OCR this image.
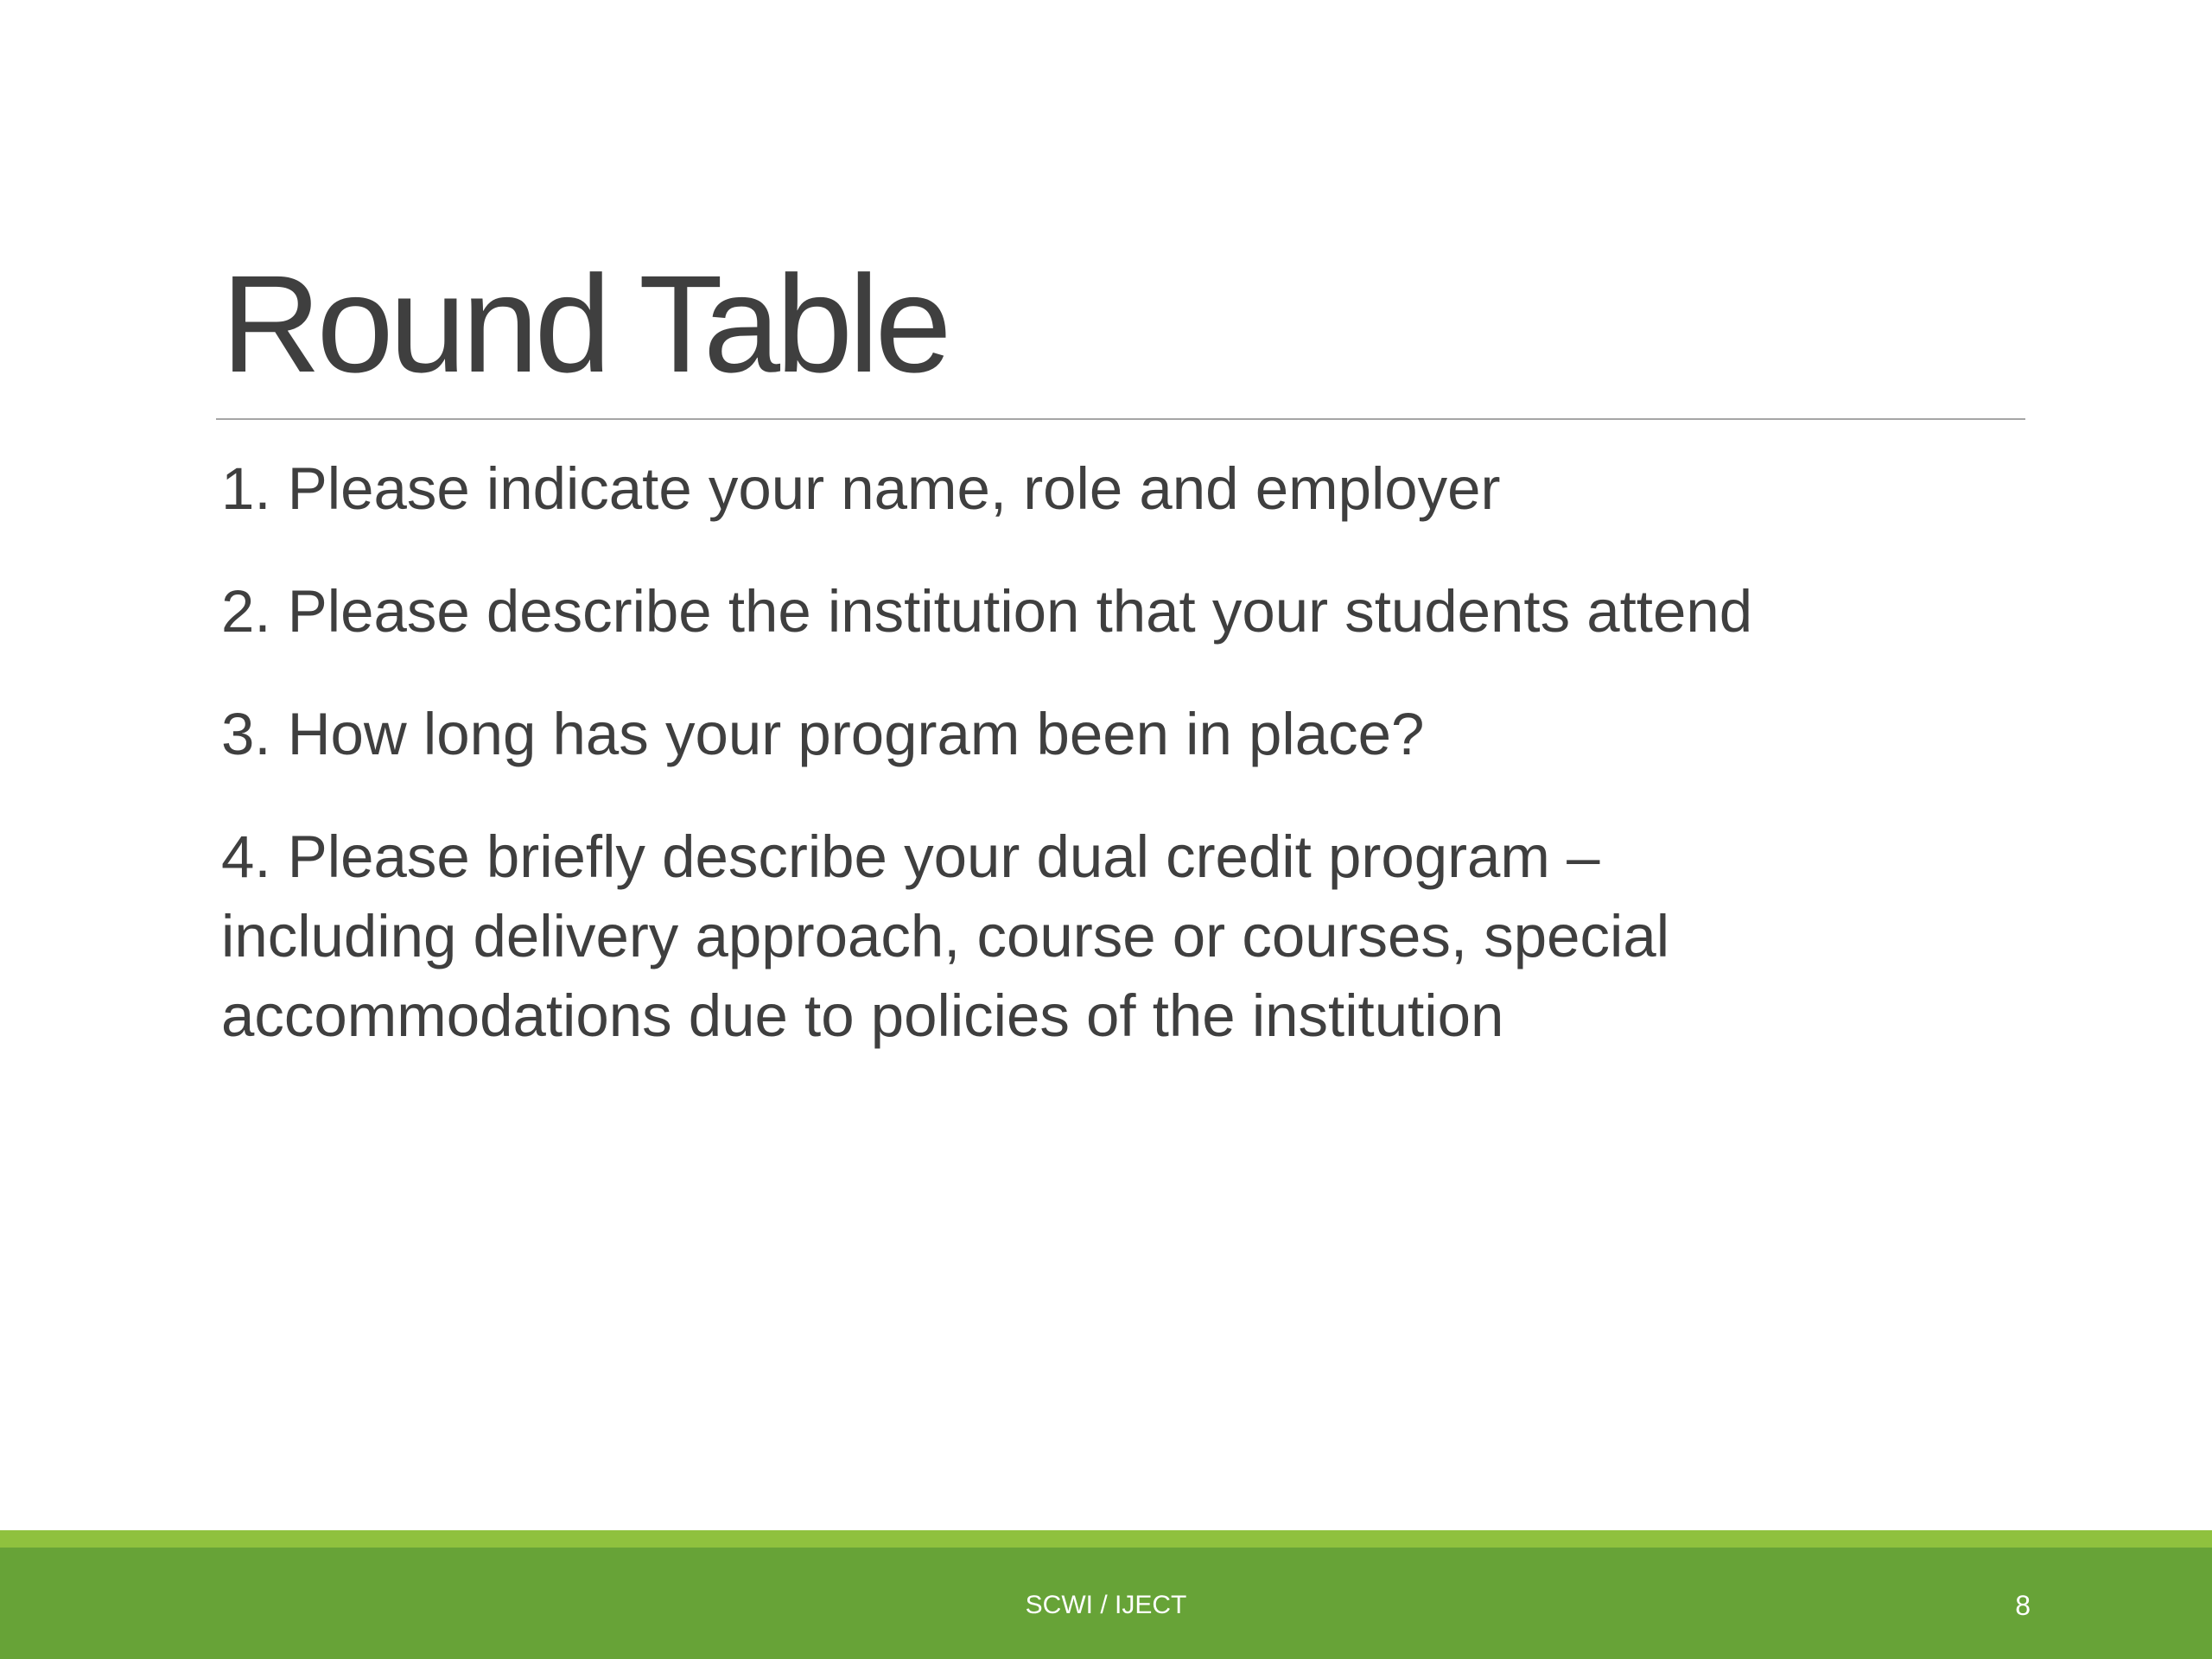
Round Table
1. Please indicate your name, role and employer
2. Please describe the institution that your students attend
3. How long has your program been in place?
4. Please briefly describe your dual credit program –
including delivery approach, course or courses, special
accommodations due to policies of the institution
SCWI / IJECT	8
